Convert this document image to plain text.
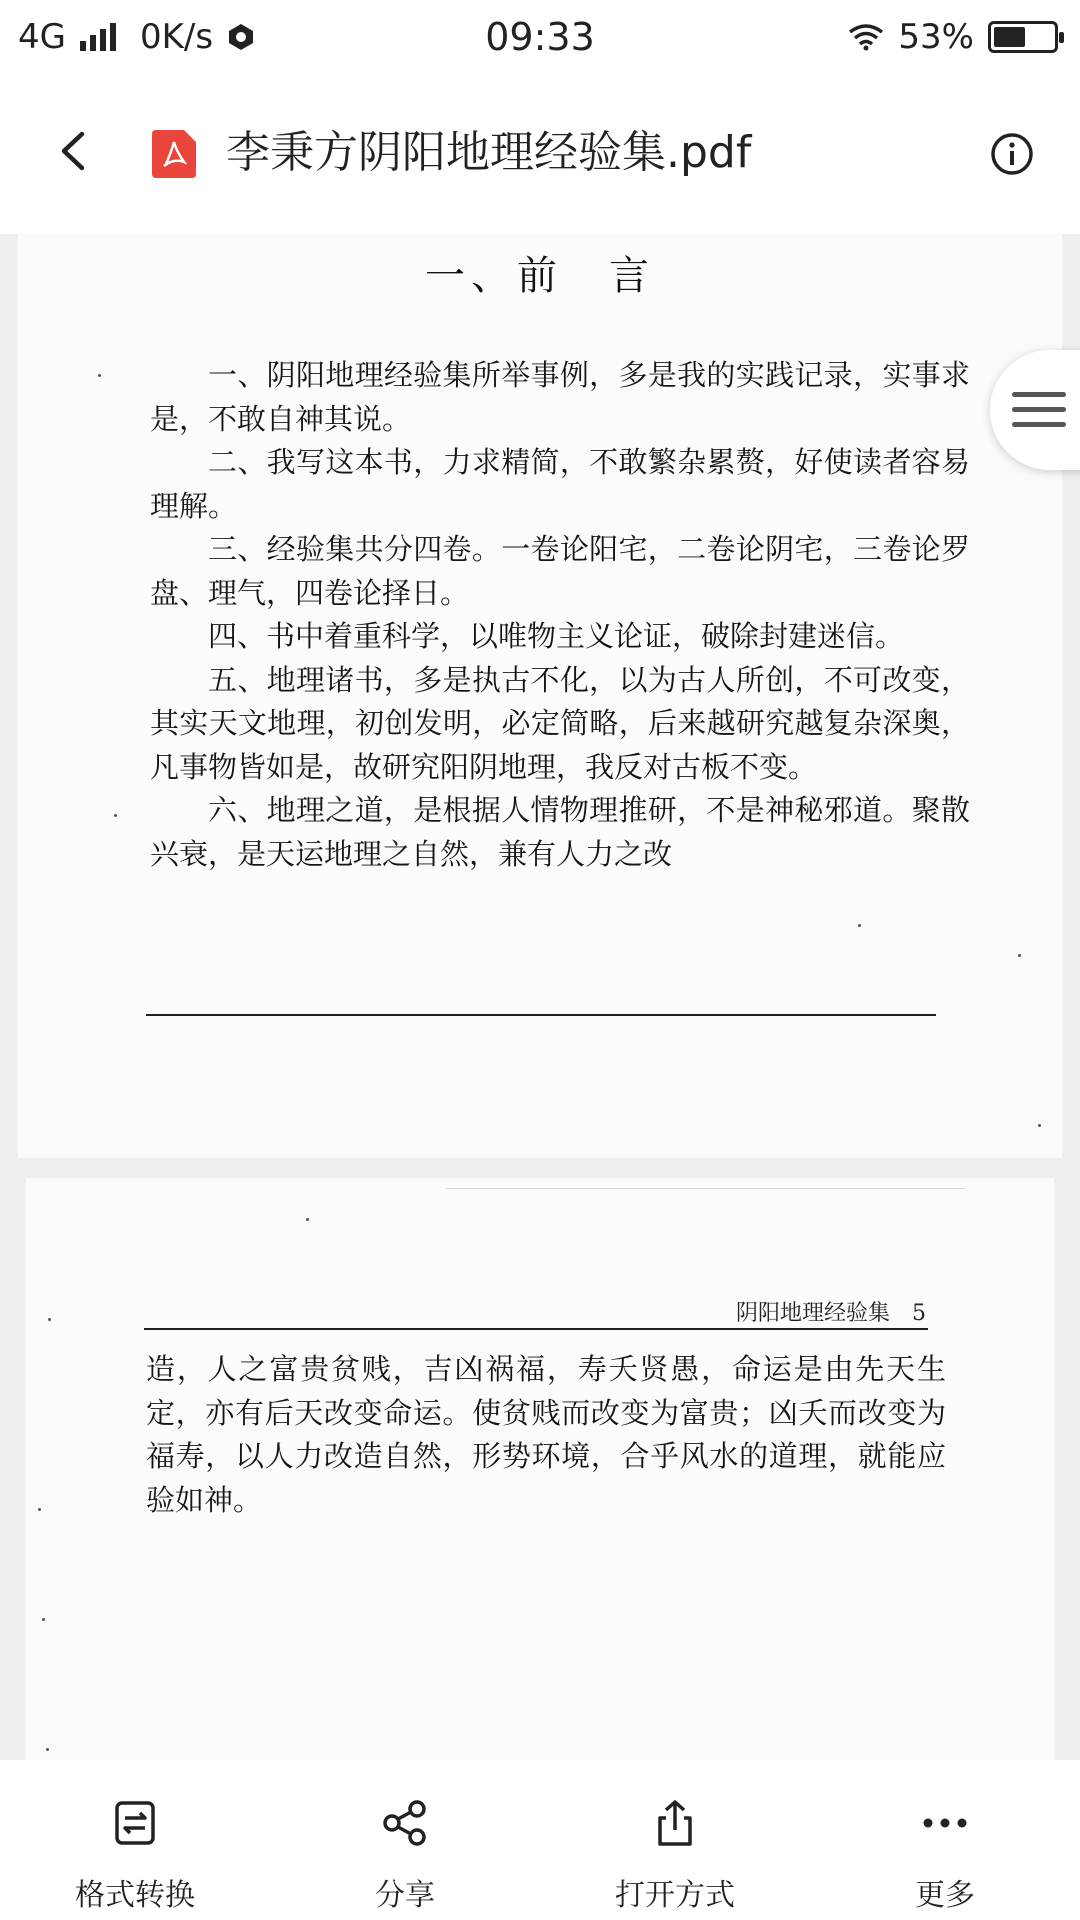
4G 0K/s	09:33	53%
李秉方阴阳地理经验集.pdf
一、前　言

一、阴阳地理经验集所举事例，多是我的实践记录，实事求是，不敢自神其说。

二、我写这本书，力求精简，不敢繁杂累赘，好使读者容易理解。

三、经验集共分四卷。一卷论阳宅，二卷论阴宅，三卷论罗盘、理气，四卷论择日。

四、书中着重科学，以唯物主义论证，破除封建迷信。

五、地理诸书，多是执古不化，以为古人所创，不可改变，其实天文地理，初创发明，必定简略，后来越研究越复杂深奥，凡事物皆如是，故研究阳阴地理，我反对古板不变。

六、地理之道，是根据人情物理推研，不是神秘邪道。聚散兴衰，是天运地理之自然，兼有人力之改

阴阳地理经验集 5

造，人之富贵贫贱，吉凶祸福，寿夭贤愚，命运是由先天生定，亦有后天改变命运。使贫贱而改变为富贵；凶夭而改变为福寿，以人力改造自然，形势环境，合乎风水的道理，就能应验如神。

格式转换	分享	打开方式	更多
